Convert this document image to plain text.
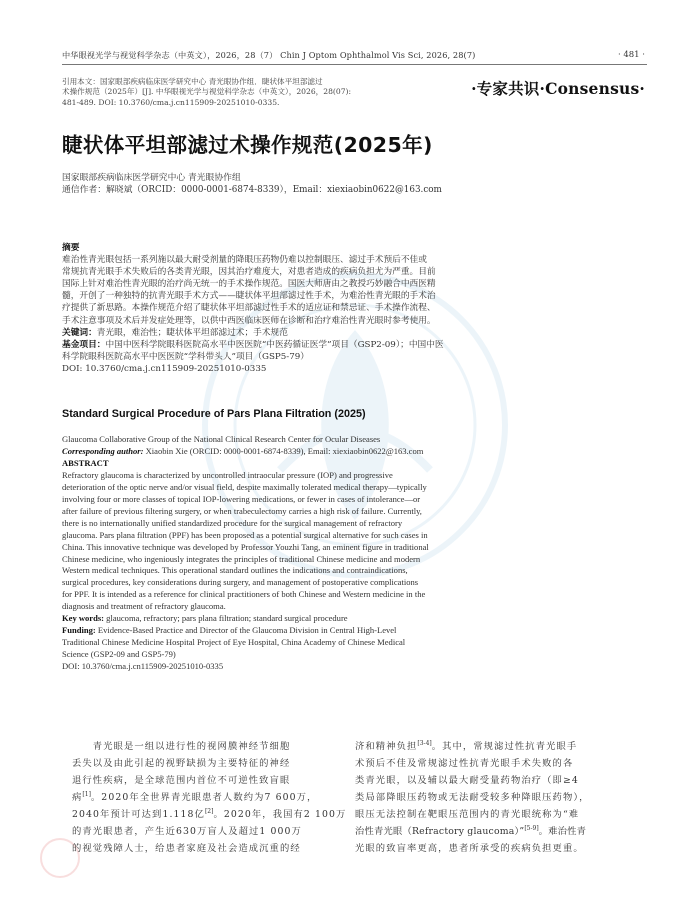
中华眼视光学与视觉科学杂志（中英文），2026，28（7） Chin J Optom Ophthalmol Vis Sci, 2026, 28(7)	· 481 ·
引用本文：国家眼部疾病临床医学研究中心 青光眼协作组．睫状体平坦部滤过
术操作规范（2025年）[J]. 中华眼视光学与视觉科学杂志（中英文），2026，28(07):
481-489. DOI: 10.3760/cma.j.cn115909-20251010-0335.
·专家共识·Consensus·
睫状体平坦部滤过术操作规范(2025年)
国家眼部疾病临床医学研究中心 青光眼协作组
通信作者：解晓斌（ORCID：0000-0001-6874-8339），Email：xiexiaobin0622@163.com
摘要
难治性青光眼包括一系列施以最大耐受剂量的降眼压药物仍难以控制眼压、滤过手术预后不佳或
常规抗青光眼手术失败后的各类青光眼，因其治疗难度大，对患者造成的疾病负担尤为严重。目前
国际上针对难治性青光眼的治疗尚无统一的手术操作规范。国医大师唐由之教授巧妙融合中西医精
髓，开创了一种独特的抗青光眼手术方式——睫状体平坦部滤过性手术，为难治性青光眼的手术治
疗提供了新思路。本操作规范介绍了睫状体平坦部滤过性手术的适应证和禁忌证、手术操作流程、
手术注意事项及术后并发症处理等，以供中西医临床医师在诊断和治疗难治性青光眼时参考使用。
关键词：青光眼，难治性；睫状体平坦部滤过术；手术规范
基金项目：中国中医科学院眼科医院高水平中医医院“中医药循证医学”项目（GSP2-09）；中国中医
科学院眼科医院高水平中医医院“学科带头人”项目（GSP5-79）
DOI: 10.3760/cma.j.cn115909-20251010-0335
Standard Surgical Procedure of Pars Plana Filtration (2025)
Glaucoma Collaborative Group of the National Clinical Research Center for Ocular Diseases
Corresponding author: Xiaobin Xie (ORCID: 0000-0001-6874-8339), Email: xiexiaobin0622@163.com
ABSTRACT
Refractory glaucoma is characterized by uncontrolled intraocular pressure (IOP) and progressive
deterioration of the optic nerve and/or visual field, despite maximally tolerated medical therapy—typically
involving four or more classes of topical IOP-lowering medications, or fewer in cases of intolerance—or
after failure of previous filtering surgery, or when trabeculectomy carries a high risk of failure. Currently,
there is no internationally unified standardized procedure for the surgical management of refractory
glaucoma. Pars plana filtration (PPF) has been proposed as a potential surgical alternative for such cases in
China. This innovative technique was developed by Professor Youzhi Tang, an eminent figure in traditional
Chinese medicine, who ingeniously integrates the principles of traditional Chinese medicine and modern
Western medical techniques. This operational standard outlines the indications and contraindications,
surgical procedures, key considerations during surgery, and management of postoperative complications
for PPF. It is intended as a reference for clinical practitioners of both Chinese and Western medicine in the
diagnosis and treatment of refractory glaucoma.
Key words: glaucoma, refractory; pars plana filtration; standard surgical procedure
Funding: Evidence-Based Practice and Director of the Glaucoma Division in Central High-Level
Traditional Chinese Medicine Hospital Project of Eye Hospital, China Academy of Chinese Medical
Science (GSP2-09 and GSP5-79)
DOI: 10.3760/cma.j.cn115909-20251010-0335
　　青光眼是一组以进行性的视网膜神经节细胞
丢失以及由此引起的视野缺损为主要特征的神经
退行性疾病，是全球范围内首位不可逆性致盲眼
病[1]。2020年全世界青光眼患者人数约为7 600万，
2040年预计可达到1.118亿[2]。2020年，我国有2 100万
的青光眼患者，产生近630万盲人及超过1 000万
的视觉残障人士，给患者家庭及社会造成沉重的经
济和精神负担[3-4]。其中，常规滤过性抗青光眼手
术预后不佳及常规滤过性抗青光眼手术失败的各
类青光眼，以及辅以最大耐受量药物治疗（即≥4
类局部降眼压药物或无法耐受较多种降眼压药物），
眼压无法控制在靶眼压范围内的青光眼统称为“难
治性青光眼（Refractory glaucoma）”[5-9]。难治性青
光眼的致盲率更高，患者所承受的疾病负担更重。
